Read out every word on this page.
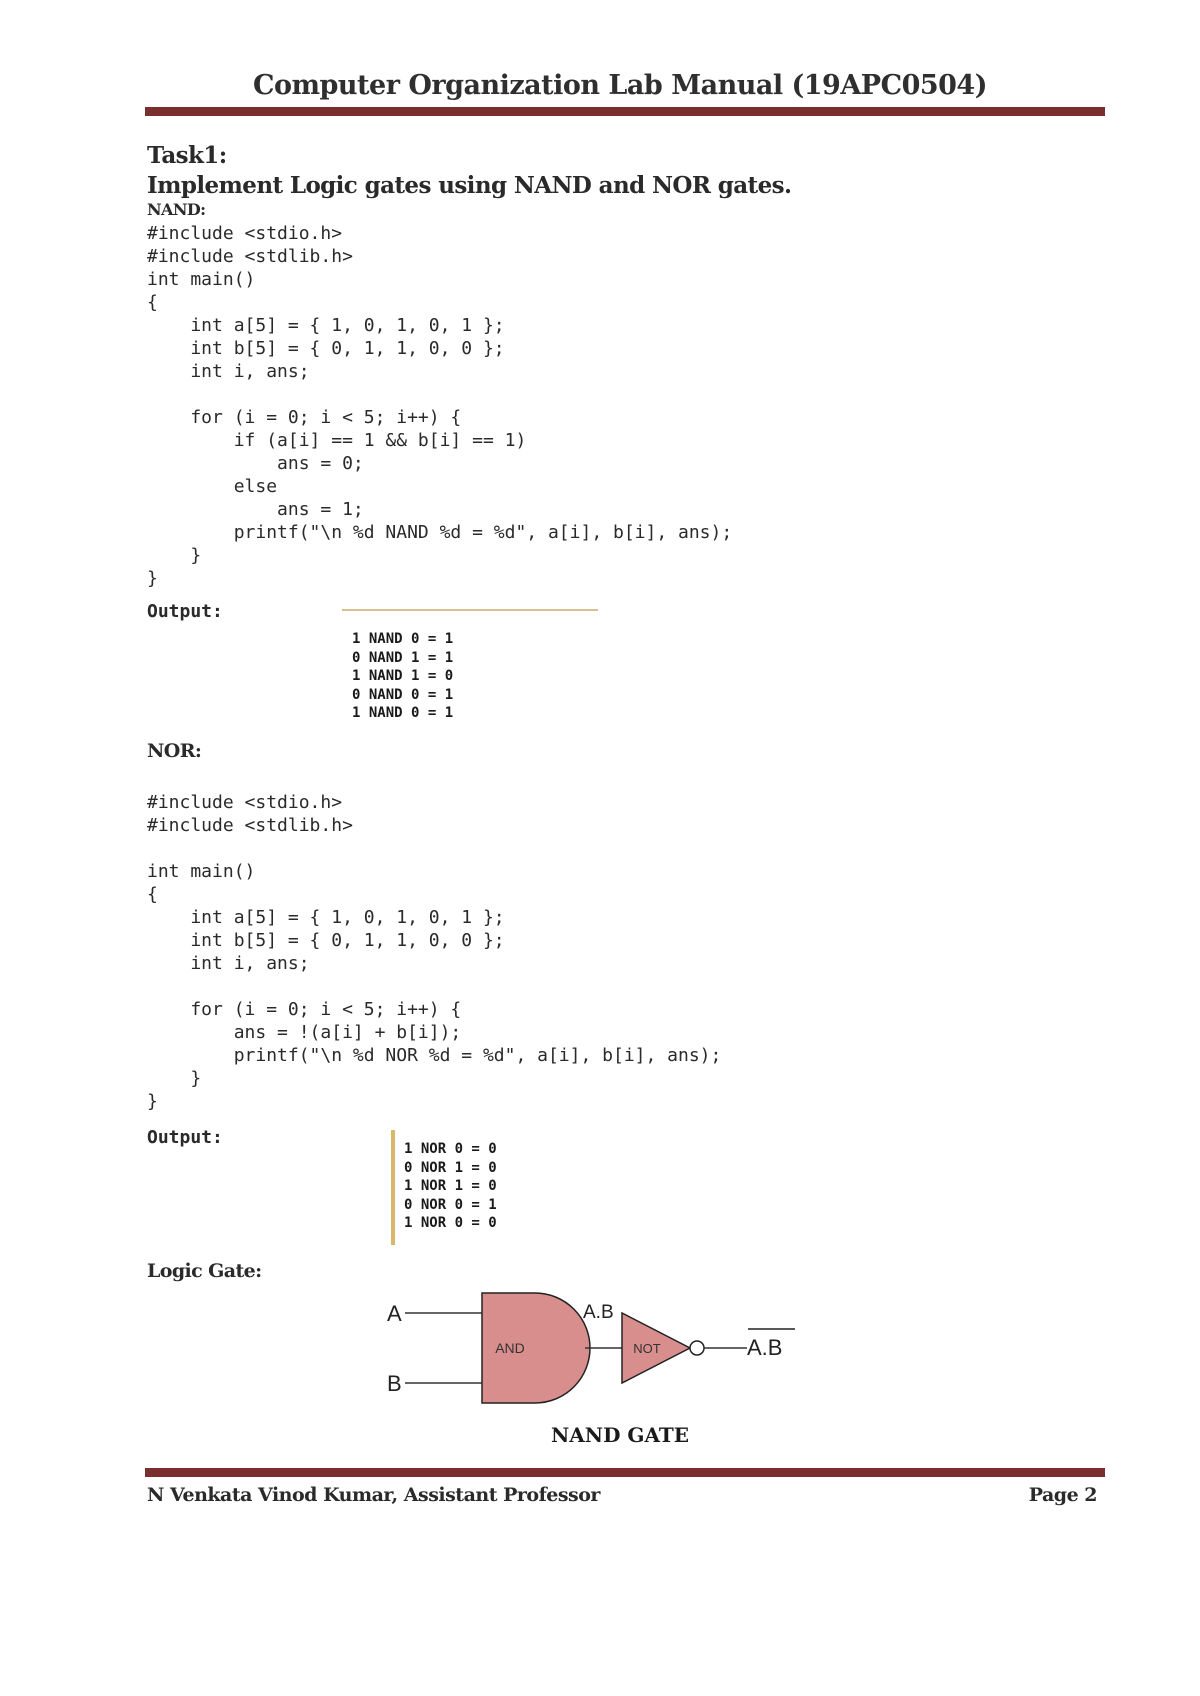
Computer Organization Lab Manual (19APC0504)
Task1:
Implement Logic gates using NAND and NOR gates.
NAND:
#include <stdio.h>
#include <stdlib.h>
int main()
{
int a[5] = { 1, 0, 1, 0, 1 };
int b[5] = { 0, 1, 1, 0, 0 };
int i, ans;

for (i = 0; i < 5; i++) {
if (a[i] == 1 && b[i] == 1)
ans = 0;
else
ans = 1;
printf("\n %d NAND %d = %d", a[i], b[i], ans);
}
}
Output:
1 NAND 0 = 1
0 NAND 1 = 1
1 NAND 1 = 0
0 NAND 0 = 1
1 NAND 0 = 1
NOR:
#include <stdio.h>
#include <stdlib.h>

int main()
{
int a[5] = { 1, 0, 1, 0, 1 };
int b[5] = { 0, 1, 1, 0, 0 };
int i, ans;

for (i = 0; i < 5; i++) {
ans = !(a[i] + b[i]);
printf("\n %d NOR %d = %d", a[i], b[i], ans);
}
}
Output:
1 NOR 0 = 0
0 NOR 1 = 0
1 NOR 1 = 0
0 NOR 0 = 1
1 NOR 0 = 0
Logic Gate:
A
B
AND
A.B
NOT	A.B
NAND GATE
N Venkata Vinod Kumar, Assistant Professor	Page 2
